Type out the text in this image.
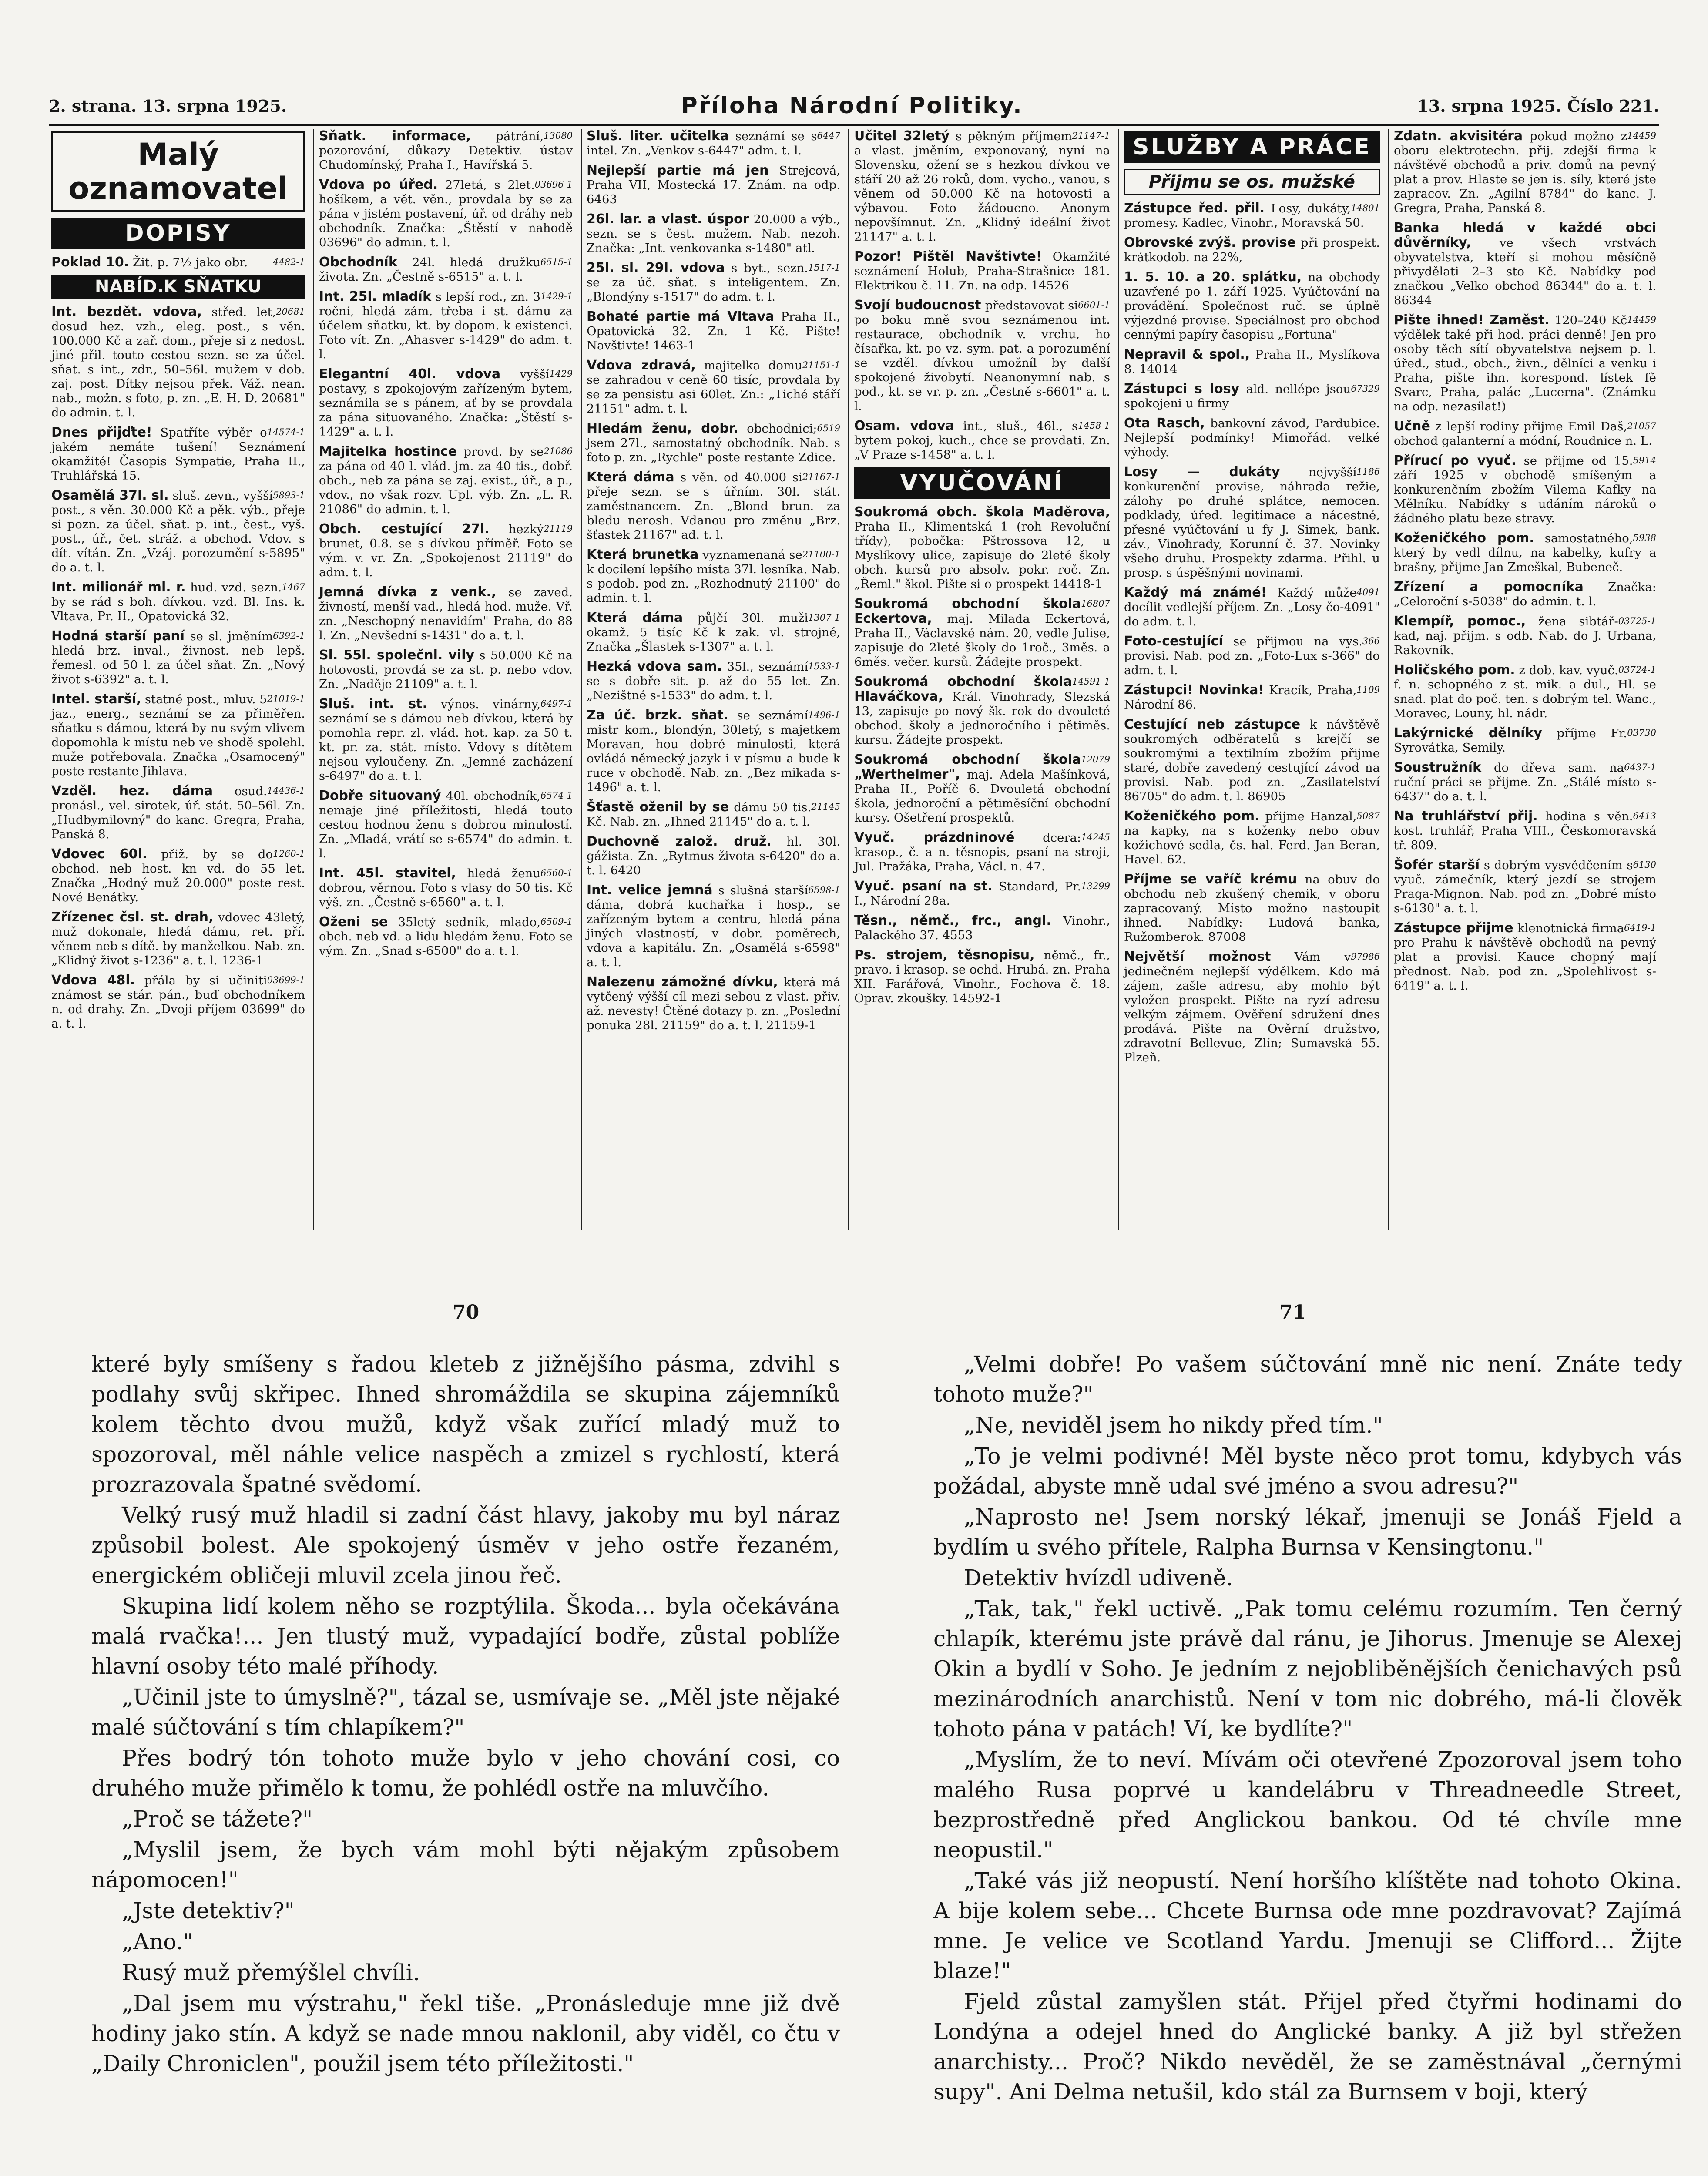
2. strana. 13. srpna 1925.	Příloha Národní Politiky.	13. srpna 1925. Číslo 221.
Malý oznamovatel
DOPISY
4482-1
Poklad 10. Žit. p. 7½ jako obr.
NABÍD.K SŇATKU
20681
Int. bezdět. vdova, střed. let, dosud hez. vzh., eleg. post., s věn. 100.000 Kč a zař. dom., přeje si z nedost. jiné přil. touto cestou sezn. se za účel. sňat. s int., zdr., 50–56l. mužem v dob. zaj. post. Dítky nejsou přek. Váž. nean. nab., možn. s foto, p. zn. „E. H. D. 20681" do admin. t. l.
14574-1
Dnes přijďte! Spatříte výběr o jakém nemáte tušení! Seznámení okamžité! Časopis Sympatie, Praha II., Truhlářská 15.
5893-1
Osamělá 37l. sl. sluš. zevn., vyšší post., s věn. 30.000 Kč a pěk. výb., přeje si pozn. za účel. sňat. p. int., čest., vyš. post., úř., čet. stráž. a obchod. Vdov. s dít. vítán. Zn. „Vzáj. porozumění s-5895" do a. t. l.
1467
Int. milionář ml. r. hud. vzd. sezn. by se rád s boh. dívkou. vzd. Bl. Ins. k. Vltava, Pr. II., Opatovická 32.
6392-1
Hodná starší paní se sl. jměním hledá brz. inval., živnost. neb lepš. řemesl. od 50 l. za účel sňat. Zn. „Nový život s-6392" a. t. l.
21019-1
Intel. starší, statné post., mluv. 5 jaz., energ., seznámí se za přiměřen. sňatku s dámou, která by nu svým vlivem dopomohla k místu neb ve shodě spolehl. muže potřebovala. Značka „Osamocený" poste restante Jihlava.
14436-1
Vzděl. hez. dáma osud. pronásl., vel. sirotek, úř. stát. 50–56l. Zn. „Hudbymilovný" do kanc. Gregra, Praha, Panská 8.
1260-1
Vdovec 60l. přiž. by se do obchod. neb host. kn vd. do 55 let. Značka „Hodný muž 20.000" poste rest. Nové Benátky.
Zřízenec čsl. st. drah, vdovec 43letý, muž dokonale, hledá dámu, ret. pří. věnem neb s dítě. by manželkou. Nab. zn. „Klidný život s-1236" a. t. l. 1236-1
03699-1
Vdova 48l. přála by si učiniti známost se stár. pán., buď obchodníkem n. od drahy. Zn. „Dvojí příjem 03699" do a. t. l.
13080
Sňatk. informace, pátrání, pozorování, důkazy Detektiv. ústav Chudomínský, Praha I., Havířská 5.
03696-1
Vdova po úřed. 27letá, s 2let. hošíkem, a vět. věn., provdala by se za pána v jistém postavení, úř. od dráhy neb obchodník. Značka: „Štěstí v nahodě 03696" do admin. t. l.
6515-1
Obchodník 24l. hledá družku života. Zn. „Čestně s-6515" a. t. l.
1429-1
Int. 25l. mladík s lepší rod., zn. 3 roční, hledá zám. třeba i st. dámu za účelem sňatku, kt. by dopom. k existenci. Foto vít. Zn. „Ahasver s-1429" do adm. t. l.
1429
Elegantní 40l. vdova vyšší postavy, s zpokojovým zařízeným bytem, seznámila se s pánem, ať by se provdala za pána situovaného. Značka: „Štěstí s-1429" a. t. l.
21086
Majitelka hostince provd. by se za pána od 40 l. vlád. jm. za 40 tis., dobř. obch., neb za pána se zaj. exist., úř., a p., vdov., no však rozv. Upl. výb. Zn. „L. R. 21086" do admin. t. l.
21119
Obch. cestující 27l. hezký brunet, 0.8. se s dívkou příměř. Foto se vým. v. vr. Zn. „Spokojenost 21119" do adm. t. l.
Jemná dívka z venk., se zaved. živností, menší vad., hledá hod. muže. Vř. zn. „Neschopný nenavidím" Praha, do 88 l. Zn. „Nevšední s-1431" do a. t. l.
Sl. 55l. společnl. vily s 50.000 Kč na hotovosti, provdá se za st. p. nebo vdov. Zn. „Naděje 21109" a. t. l.
6497-1
Sluš. int. st. výnos. vinárny, seznámí se s dámou neb dívkou, která by pomohla repr. zl. vlád. hot. kap. za 50 t. kt. pr. za. stát. místo. Vdovy s dítětem nejsou vyloučeny. Zn. „Jemné zacházení s-6497" do a. t. l.
6574-1
Dobře situovaný 40l. obchodník, nemaje jiné příležitosti, hledá touto cestou hodnou ženu s dobrou minulostí. Zn. „Mladá, vrátí se s-6574" do admin. t. l.
6560-1
Int. 45l. stavitel, hledá ženu dobrou, věrnou. Foto s vlasy do 50 tis. Kč výš. zn. „Čestně s-6560" a. t. l.
6509-1
Oženi se 35letý sedník, mlado, obch. neb vd. a lidu hledám ženu. Foto se vým. Zn. „Snad s-6500" do a. t. l.
6447
Sluš. liter. učitelka seznámí se s intel. Zn. „Venkov s-6447" adm. t. l.
Nejlepší partie má jen Strejcová, Praha VII, Mostecká 17. Znám. na odp. 6463
26l. lar. a vlast. úspor 20.000 a výb., sezn. se s čest. mužem. Nab. nezoh. Značka: „Int. venkovanka s-1480" atl.
1517-1
25l. sl. 29l. vdova s byt., sezn. se za úč. sňat. s inteligentem. Zn. „Blondýny s-1517" do adm. t. l.
Bohaté partie má Vltava Praha II., Opatovická 32. Zn. 1 Kč. Pište! Navštivte! 1463-1
21151-1
Vdova zdravá, majitelka domu se zahradou v ceně 60 tisíc, provdala by se za pensistu asi 60let. Zn.: „Tiché stáří 21151" adm. t. l.
6519
Hledám ženu, dobr. obchodnici; jsem 27l., samostatný obchodník. Nab. s foto p. zn. „Rychle" poste restante Zdice.
21167-1
Která dáma s věn. od 40.000 si přeje sezn. se s úřním. 30l. stát. zaměstnancem. Zn. „Blond brun. za bledu nerosh. Vdanou pro změnu „Brz. šťastek 21167" ad. t. l.
21100-1
Která brunetka vyznamenaná se k docílení lepšího místa 37l. lesníka. Nab. s podob. pod zn. „Rozhodnutý 21100" do admin. t. l.
1307-1
Která dáma půjčí 30l. muži okamž. 5 tisíc Kč k zak. vl. strojné, Značka „Šlastek s-1307" a. t. l.
1533-1
Hezká vdova sam. 35l., seznámí se s dobře sit. p. až do 55 let. Zn. „Nezištné s-1533" do adm. t. l.
1496-1
Za úč. brzk. sňat. se seznámí mistr kom., blondýn, 30letý, s majetkem Moravan, hou dobré minulosti, která ovládá německý jazyk i v písmu a bude k ruce v obchodě. Nab. zn. „Bez mikada s-1496" a. t. l.
21145
Šťastě oženil by se dámu 50 tis. Kč. Nab. zn. „Ihned 21145" do a. t. l.
Duchovně založ. druž. hl. 30l. gážista. Zn. „Rytmus života s-6420" do a. t. l. 6420
6598-1
Int. velice jemná s slušná starší dáma, dobrá kuchařka i hosp., se zařízeným bytem a centru, hledá pána jiných vlastností, v dobr. poměrech, vdova a kapitálu. Zn. „Osamělá s-6598" a. t. l.
Nalezenu zámožné dívku, která má vytčený výšší cíl mezi sebou z vlast. přiv. až. nevesty! Čtěné dotazy p. zn. „Poslední ponuka 28l. 21159" do a. t. l. 21159-1
21147-1
Učitel 32letý s pěkným příjmem a vlast. jměním, exponovaný, nyní na Slovensku, ožení se s hezkou dívkou ve stáří 20 až 26 roků, dom. vycho., vanou, s věnem od 50.000 Kč na hotovosti a výbavou. Foto žádoucno. Anonym nepovšímnut. Zn. „Klidný ideální život 21147" a. t. l.
Pozor! Pištěl Navštivte! Okamžité seznámení Holub, Praha-Strašnice 181. Elektrikou č. 11. Zn. na odp. 14526
6601-1
Svojí budoucnost představovat si po boku mně svou seznámenou int. restaurace, obchodník v. vrchu, ho čísařka, kt. po vz. sym. pat. a porozumění se vzděl. dívkou umožníl by další spokojené živobytí. Neanonymní nab. s pod., kt. se vr. p. zn. „Čestně s-6601" a. t. l.
1458-1
Osam. vdova int., sluš., 46l., s bytem pokoj, kuch., chce se provdati. Zn. „V Praze s-1458" a. t. l.
VYUČOVÁNÍ
Soukromá obch. škola Maděrova, Praha II., Klimentská 1 (roh Revoluční třídy), pobočka: Pštrossova 12, u Myslíkovy ulice, zapisuje do 2leté školy obch. kursů pro absolv. pokr. roč. Zn. „Řeml." škol. Pište si o prospekt 14418-1
16807
Soukromá obchodní škola Eckertova, maj. Milada Eckertová, Praha II., Václavské nám. 20, vedle Julise, zapisuje do 2leté školy do 1roč., 3měs. a 6měs. večer. kursů. Žádejte prospekt.
14591-1
Soukromá obchodní škola Hlaváčkova, Král. Vinohrady, Slezská 13, zapisuje po nový šk. rok do dvouleté obchod. školy a jednoročního i pětiměs. kursu. Žádejte prospekt.
12079
Soukromá obchodní škola „Werthelmer", maj. Adela Mašínková, Praha II., Poříč 6. Dvouletá obchodní škola, jednoroční a pětiměsíční obchodní kursy. Ošetření prospektů.
14245
Vyuč. prázdninové dcera: krasop., č. a n. těsnopis, psaní na stroji, Jul. Pražáka, Praha, Václ. n. 47.
13299
Vyuč. psaní na st. Standard, Pr. I., Národní 28a.
Těsn., němč., frc., angl. Vinohr., Palackého 37. 4553
Ps. strojem, těsnopisu, němč., fr., pravo. i krasop. se ochd. Hrubá. zn. Praha XII. Farářová, Vinohr., Fochova č. 18. Oprav. zkoušky. 14592-1
SLUŽBY A PRÁCE
Přijmu se os. mužské
14801
Zástupce řed. přil. Losy, dukáty, promesy. Kadlec, Vinohr., Moravská 50.
Obrovské zvýš. provise při prospekt. krátkodob. na 22%,
1. 5. 10. a 20. splátku, na obchody uzavřené po 1. září 1925. Vyúčtování na provádění. Společnost ruč. se úplně výjezdné provise. Speciálnost pro obchod cennými papíry časopisu „Fortuna"
Nepravil & spol., Praha II., Myslíkova 8. 14014
67329
Zástupci s losy ald. nellépe jsou spokojeni u firmy
Ota Rasch, bankovní závod, Pardubice. Nejlepší podmínky! Mimořád. velké výhody.
1186
Losy — dukáty nejvyšší konkurenční provise, náhrada režie, zálohy po druhé splátce, nemocen. podklady, úřed. legitimace a nácestné, přesné vyúčtování u fy J. Simek, bank. záv., Vinohrady, Korunní č. 37. Novinky všeho druhu. Prospekty zdarma. Přihl. u prosp. s úspěšnými novinami.
4091
Každý má známé! Každý může docílit vedlejší příjem. Zn. „Losy čo-4091" do adm. t. l.
366
Foto-cestující se přijmou na vys. provisi. Nab. pod zn. „Foto-Lux s-366" do adm. t. l.
1109
Zástupci! Novinka! Kracík, Praha, Národní 86.
Cestující neb zástupce k návštěvě soukromých odběratelů s krejčí se soukromými a textilním zbožím přijme staré, dobře zavedený cestující závod na provisi. Nab. pod zn. „Zasilatelství 86705" do adm. t. l. 86905
5087
Koženičkého pom. přijme Hanzal, na kapky, na s koženky nebo obuv kožichové sedla, čs. hal. Ferd. Jan Beran, Havel. 62.
Příjme se vaříč krému na obuv do obchodu neb zkušený chemik, v oboru zapracovaný. Místo možno nastoupit ihned. Nabídky: Ludová banka, Ružomberok. 87008
97986
Největší možnost Vám v jedinečném nejlepší výdělkem. Kdo má zájem, zašle adresu, aby mohlo být vyložen prospekt. Pište na ryzí adresu velkým zájmem. Ověření sdružení dnes prodává. Pište na Ověrní družstvo, zdravotní Bellevue, Zlín; Sumavská 55. Plzeň.
14459
Zdatn. akvisitéra pokud možno z oboru elektrotechn. přij. zdejší firma k návštěvě obchodů a priv. domů na pevný plat a prov. Hlaste se jen is. síly, které jste zapracov. Zn. „Agilní 8784" do kanc. J. Gregra, Praha, Panská 8.
Banka hledá v každé obci důvěrníky, ve všech vrstvách obyvatelstva, kteří si mohou měsíčně přivydělati 2–3 sto Kč. Nabídky pod značkou „Velko obchod 86344" do a. t. l. 86344
14459
Pište ihned! Zaměst. 120–240 Kč výdělek také při hod. práci denně! Jen pro osoby těch sítí obyvatelstva nejsem p. l. úřed., stud., obch., živn., dělníci a venku i Praha, pište ihn. korespond. lístek fě Svarc, Praha, palác „Lucerna". (Známku na odp. nezasílat!)
21057
Učně z lepší rodiny přijme Emil Daš, obchod galanterní a módní, Roudnice n. L.
5914
Přírucí po vyuč. se přijme od 15. září 1925 v obchodě smíšeným a konkurenčním zbožím Vilema Kafky na Mělníku. Nabídky s udáním nároků o žádného platu beze stravy.
5938
Koženičkého pom. samostatného, který by vedl dílnu, na kabelky, kufry a brašny, přijme Jan Zmeškal, Bubeneč.
Zřízení a pomocníka Značka: „Celoroční s-5038" do admin. t. l.
03725-1
Klempíř, pomoc., žena sibtář-kad, naj. přijm. s odb. Nab. do J. Urbana, Rakovník.
03724-1
Holičského pom. z dob. kav. vyuč. f. n. schopného z st. mik. a dul., Hl. se snad. plat do poč. ten. s dobrým tel. Wanc., Moravec, Louny, hl. nádr.
03730
Lakýrnické dělníky příjme Fr. Syrovátka, Semily.
6437-1
Soustružník do dřeva sam. na ruční práci se přijme. Zn. „Stálé místo s-6437" do a. t. l.
6413
Na truhlářství přij. hodina s věn. kost. truhlář, Praha VIII., Českomoravská tř. 809.
6130
Šofér starší s dobrým vysvědčením s vyuč. zámečník, který jezdí se strojem Praga-Mignon. Nab. pod zn. „Dobré místo s-6130" a. t. l.
6419-1
Zástupce přijme klenotnická firma pro Prahu k návštěvě obchodů na pevný plat a provisi. Kauce chopný mají přednost. Nab. pod zn. „Spolehlivost s-6419" a. t. l.
70	71

které byly smíšeny s řadou kleteb z jižnějšího pásma, zdvihl s podlahy svůj skřipec. Ihned shromáždila se skupina zájemníků kolem těchto dvou mužů, když však zuřící mladý muž to spozoroval, měl náhle velice naspěch a zmizel s rychlostí, která prozrazovala špatné svědomí.

Velký rusý muž hladil si zadní část hlavy, jakoby mu byl náraz způsobil bolest. Ale spokojený úsměv v jeho ostře řezaném, energickém obličeji mluvil zcela jinou řeč.

Skupina lidí kolem něho se rozptýlila. Škoda... byla očekávána malá rvačka!... Jen tlustý muž, vypadající bodře, zůstal poblíže hlavní osoby této malé příhody.

„Učinil jste to úmyslně?", tázal se, usmívaje se. „Měl jste nějaké malé súčtování s tím chlapíkem?"

Přes bodrý tón tohoto muže bylo v jeho chování cosi, co druhého muže přimělo k tomu, že pohlédl ostře na mluvčího.

„Proč se tážete?"

„Myslil jsem, že bych vám mohl býti nějakým způsobem nápomocen!"

„Jste detektiv?"

„Ano."

Rusý muž přemýšlel chvíli.

„Dal jsem mu výstrahu," řekl tiše. „Pronásleduje mne již dvě hodiny jako stín. A když se nade mnou naklonil, aby viděl, co čtu v „Daily Chroniclen", použil jsem této příležitosti."

„Velmi dobře! Po vašem súčtování mně nic není. Znáte tedy tohoto muže?"

„Ne, neviděl jsem ho nikdy před tím."

„To je velmi podivné! Měl byste něco prot tomu, kdybych vás požádal, abyste mně udal své jméno a svou adresu?"

„Naprosto ne! Jsem norský lékař, jmenuji se Jonáš Fjeld a bydlím u svého přítele, Ralpha Burnsa v Kensingtonu."

Detektiv hvízdl udiveně.

„Tak, tak," řekl uctivě. „Pak tomu celému rozumím. Ten černý chlapík, kterému jste právě dal ránu, je Jihorus. Jmenuje se Alexej Okin a bydlí v Soho. Je jedním z nejobliběnějších čenichavých psů mezinárodních anarchistů. Není v tom nic dobrého, má-li člověk tohoto pána v patách! Ví, ke bydlíte?"

„Myslím, že to neví. Mívám oči otevřené Zpozoroval jsem toho malého Rusa poprvé u kandelábru v Threadneedle Street, bezprostředně před Anglickou bankou. Od té chvíle mne neopustil."

„Také vás již neopustí. Není horšího klíštěte nad tohoto Okina. A bije kolem sebe... Chcete Burnsa ode mne pozdravovat? Zajímá mne. Je velice ve Scotland Yardu. Jmenuji se Clifford... Žijte blaze!"

Fjeld zůstal zamyšlen stát. Přijel před čtyřmi hodinami do Londýna a odejel hned do Anglické banky. A již byl střežen anarchisty... Proč? Nikdo nevěděl, že se zaměstnával „černými supy". Ani Delma netušil, kdo stál za Burnsem v boji, který
